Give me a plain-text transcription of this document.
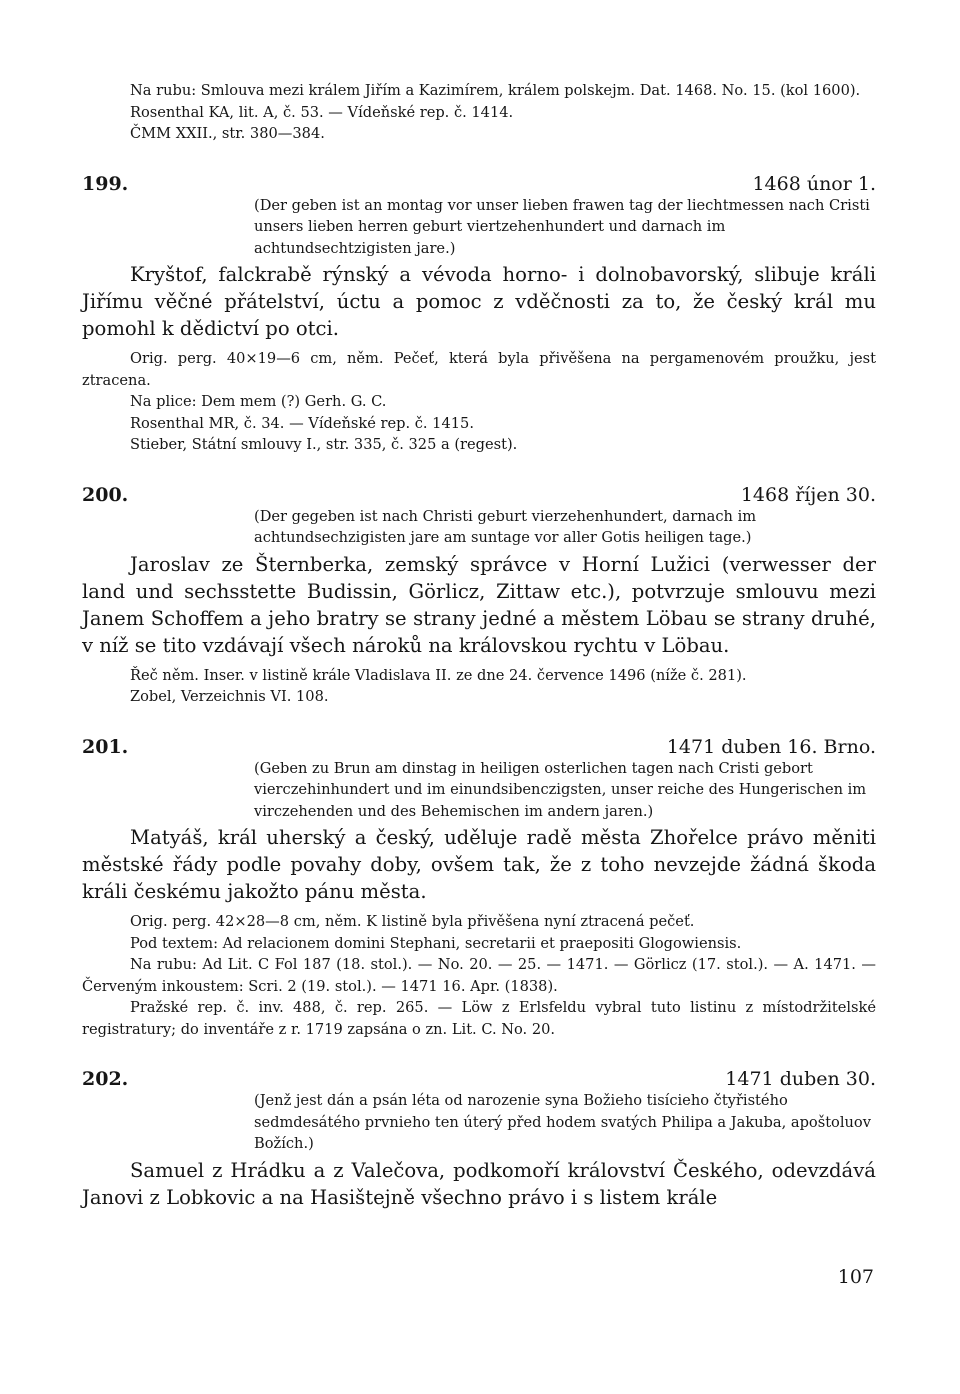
Na rubu: Smlouva mezi králem Jiřím a Kazimírem, králem polskejm. Dat. 1468. No. 15. (kol 1600).

Rosenthal KA, lit. A, č. 53. — Vídeňské rep. č. 1414.

ČMM XXII., str. 380—384.

199.	1468 únor 1.

(Der geben ist an montag vor unser lieben frawen tag der liechtmessen nach Cristi unsers lieben herren geburt viertzehenhundert und darnach im achtundsechtzigisten jare.)

Kryštof, falckrabě rýnský a vévoda horno- i dolnobavorský, slibuje králi Jiřímu věčné přátelství, úctu a pomoc z vděčnosti za to, že český král mu pomohl k dědictví po otci.

Orig. perg. 40×19—6 cm, něm. Pečeť, která byla přivěšena na pergamenovém proužku, jest ztracena.

Na plice: Dem mem (?) Gerh. G. C.

Rosenthal MR, č. 34. — Vídeňské rep. č. 1415.

Stieber, Státní smlouvy I., str. 335, č. 325 a (regest).

200.	1468 říjen 30.

(Der gegeben ist nach Christi geburt vierzehenhundert, darnach im achtundsechzigisten jare am suntage vor aller Gotis heiligen tage.)

Jaroslav ze Šternberka, zemský správce v Horní Lužici (verwesser der land und sechsstette Budissin, Görlicz, Zittaw etc.), potvrzuje smlouvu mezi Janem Schoffem a jeho bratry se strany jedné a městem Löbau se strany druhé, v níž se tito vzdávají všech nároků na královskou rychtu v Löbau.

Řeč něm. Inser. v listině krále Vladislava II. ze dne 24. července 1496 (níže č. 281).

Zobel, Verzeichnis VI. 108.

201.	1471 duben 16. Brno.

(Geben zu Brun am dinstag in heiligen osterlichen tagen nach Cristi gebort vierczehinhundert und im einundsibenczigsten, unser reiche des Hungerischen im virczehenden und des Behemischen im andern jaren.)

Matyáš, král uherský a český, uděluje radě města Zhořelce právo měniti městské řády podle povahy doby, ovšem tak, že z toho nevzejde žádná škoda králi českému jakožto pánu města.

Orig. perg. 42×28—8 cm, něm. K listině byla přivěšena nyní ztracená pečeť.

Pod textem: Ad relacionem domini Stephani, secretarii et praepositi Glogowiensis.

Na rubu: Ad Lit. C Fol 187 (18. stol.). — No. 20. — 25. — 1471. — Görlicz (17. stol.). — A. 1471. — Červeným inkoustem: Scri. 2 (19. stol.). — 1471 16. Apr. (1838).

Pražské rep. č. inv. 488, č. rep. 265. — Löw z Erlsfeldu vybral tuto listinu z místodržitelské registratury; do inventáře z r. 1719 zapsána o zn. Lit. C. No. 20.

202.	1471 duben 30.

(Jenž jest dán a psán léta od narozenie syna Božieho tisícieho čtyřistého sedmdesátého prvnieho ten úterý před hodem svatých Philipa a Jakuba, apoštoluov Božích.)

Samuel z Hrádku a z Valečova, podkomoří království Českého, odevzdává Janovi z Lobkovic a na Hasištejně všechno právo i s listem krále

107
